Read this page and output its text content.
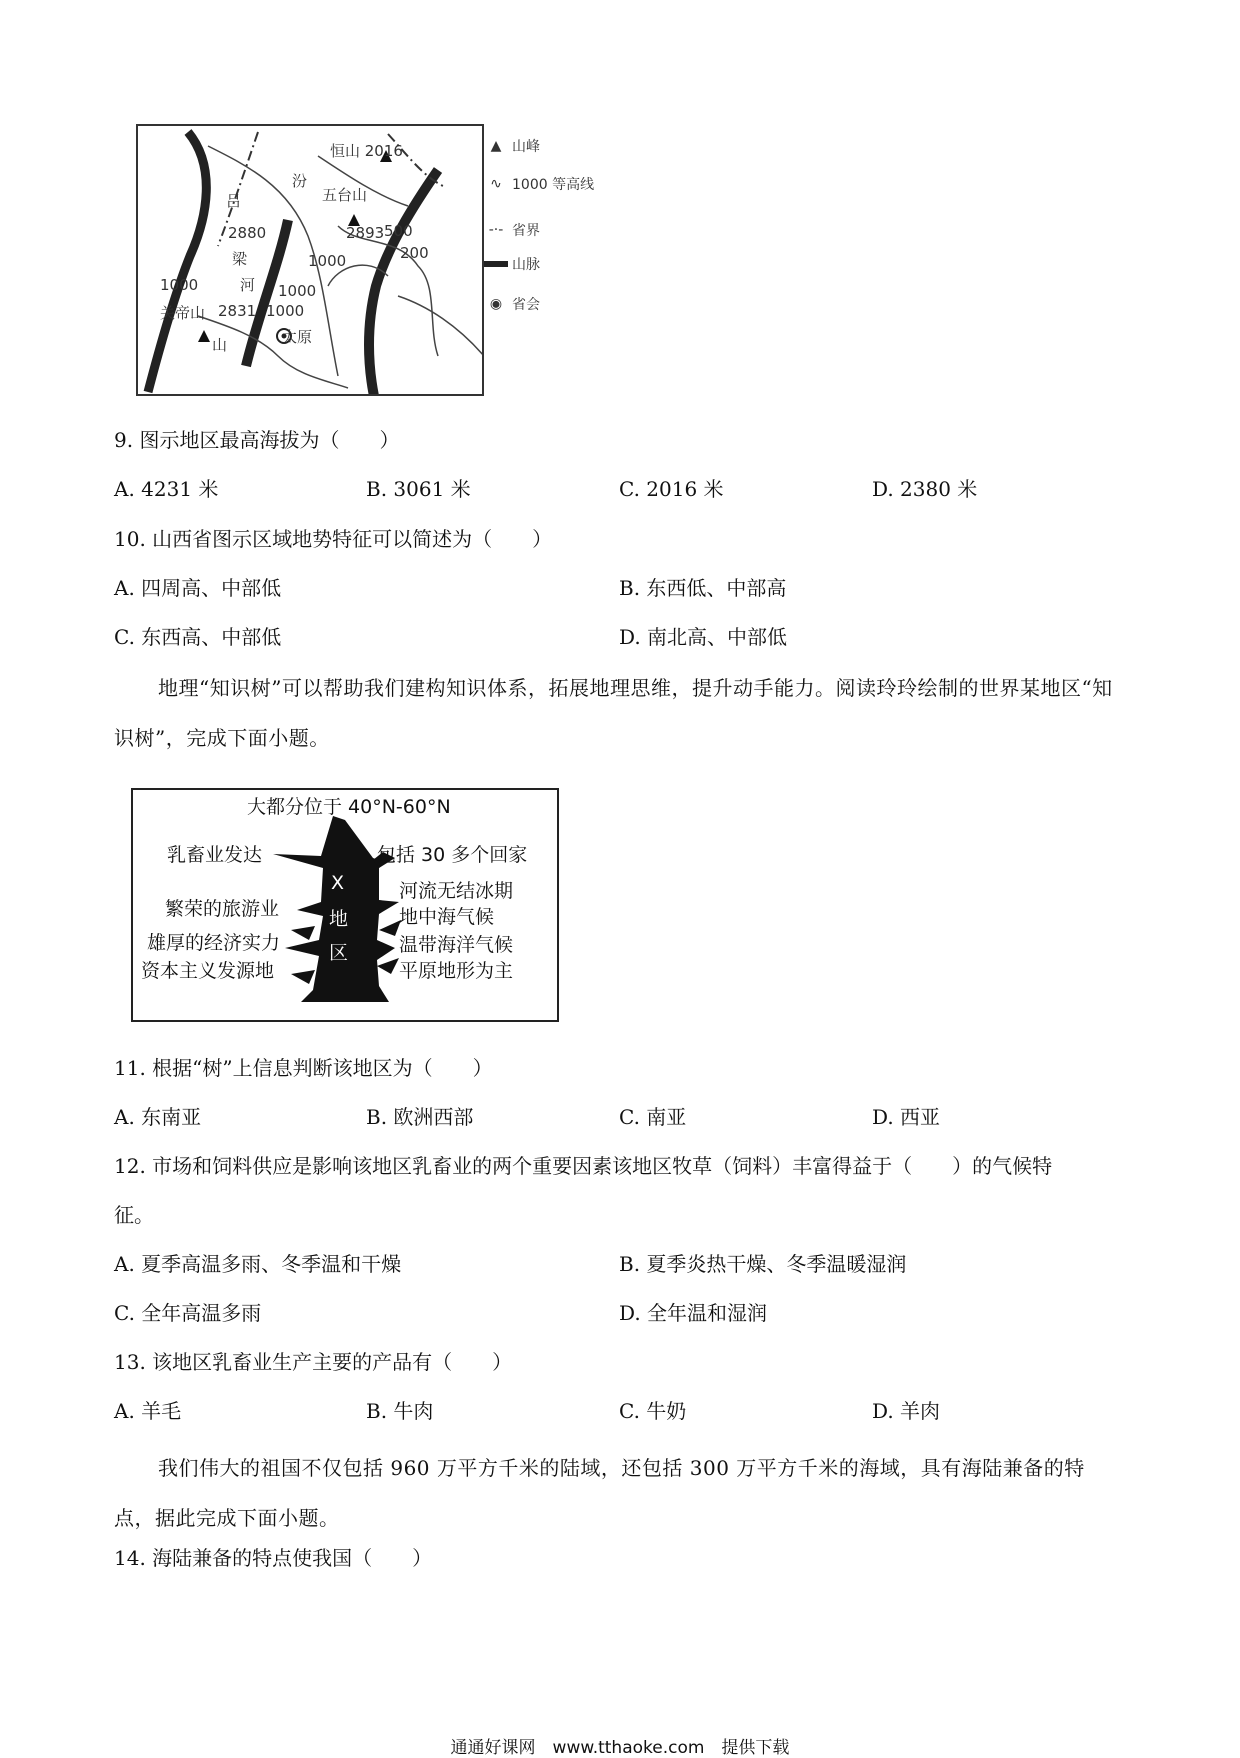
恒山 2016
汾
五台山
吕
2880	2893 500
梁	200
河
1000
1000
1000
1000
关帝山 2831
太原
山
▲ 山峰
∿ 1000 等高线
-·- 省界
山脉
◉ 省会
9. 图示地区最高海拔为（　　）
A. 4231 米	B. 3061 米	C. 2016 米	D. 2380 米
10. 山西省图示区域地势特征可以简述为（　　）
A. 四周高、中部低	B. 东西低、中部高
C. 东西高、中部低	D. 南北高、中部低
地理“知识树”可以帮助我们建构知识体系，拓展地理思维，提升动手能力。阅读玲玲绘制的世界某地区“知识树”，完成下面小题。
大都分位于 40°N-60°N
乳畜业发达	包括 30 多个回家
繁荣的旅游业
河流无结冰期
地中海气候
雄厚的经济实力	温带海洋气候
资本主义发源地	平原地形为主
X
地
区
11. 根据“树”上信息判断该地区为（　　）
A. 东南亚	B. 欧洲西部	C. 南亚	D. 西亚
12. 市场和饲料供应是影响该地区乳畜业的两个重要因素该地区牧草（饲料）丰富得益于（　　）的气候特
征。
A. 夏季高温多雨、冬季温和干燥	B. 夏季炎热干燥、冬季温暖湿润
C. 全年高温多雨	D. 全年温和湿润
13. 该地区乳畜业生产主要的产品有（　　）
A. 羊毛	B. 牛肉	C. 牛奶	D. 羊肉
我们伟大的祖国不仅包括 960 万平方千米的陆域，还包括 300 万平方千米的海域，具有海陆兼备的特点，据此完成下面小题。
14. 海陆兼备的特点使我国（　　）
通通好课网　www.tthaoke.com　提供下载
